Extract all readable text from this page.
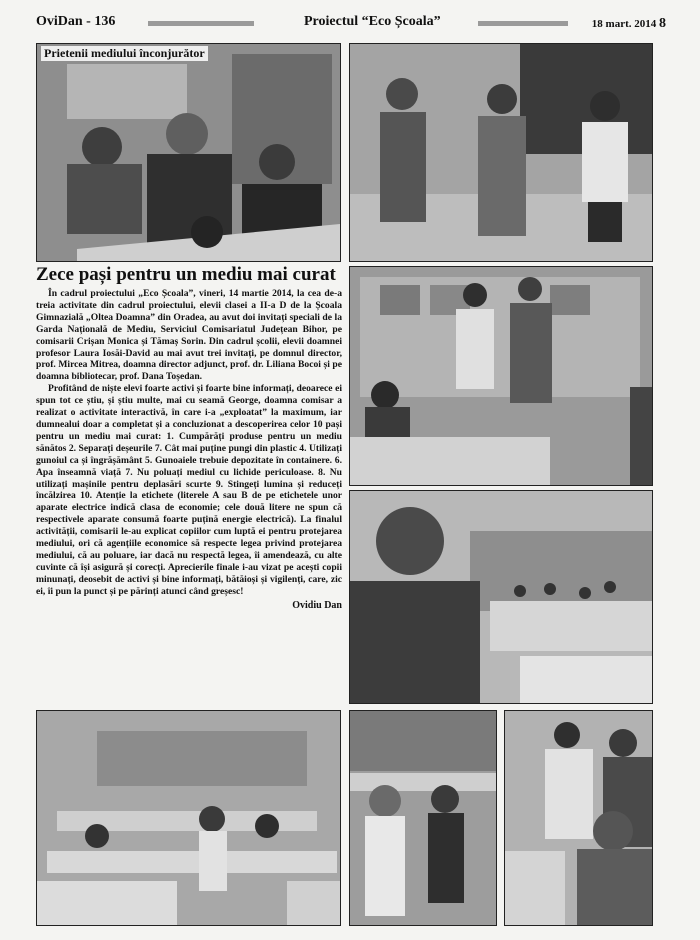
OviDan - 136	Proiectul “Eco Școala”	18 mart. 2014 8
Prietenii mediului înconjurător
Zece pași pentru un mediu mai curat

În cadrul proiectului „Eco Școala”, vineri, 14 martie 2014, la cea de-a treia activitate din cadrul proiectului, elevii clasei a II-a D de la Școala Gimnazială „Oltea Doamna” din Oradea, au avut doi invitați speciali de la Garda Națională de Mediu, Serviciul Comisariatul Județean Bihor, pe comisarii Crișan Monica și Tămaș Sorin. Din cadrul școlii, elevii doamnei profesor Laura Iosăi-David au mai avut trei invitați, pe domnul director, prof. Mircea Mitrea, doamna director adjunct, prof. dr. Liliana Bocoi și pe doamna bibliotecar, prof. Dana Toședan.

Profitând de niște elevi foarte activi și foarte bine informați, deoarece ei spun tot ce știu, și știu multe, mai cu seamă George, doamna comisar a realizat o activitate interactivă, în care i-a „exploatat” la maximum, iar dumnealui doar a completat și a concluzionat a descoperirea celor 10 pași pentru un mediu mai curat: 1. Cumpărăți produse pentru un mediu sănătos 2. Separați deșeurile 7. Cât mai puține pungi din plastic 4. Utilizați gunoiul ca și îngrășământ 5. Gunoaiele trebuie depozitate în containere. 6. Apa înseamnă viață 7. Nu poluați mediul cu lichide periculoase. 8. Nu utilizați mașinile pentru deplasări scurte 9. Stingeți lumina și reduceți încălzirea 10. Atenție la etichete (literele A sau B de pe etichetele unor aparate electrice indică clasa de economie; cele două litere ne spun că respectivele aparate consumă foarte puțină energie electrică). La finalul activității, comisarii le-au explicat copiilor cum luptă ei pentru protejarea mediului, ori că agențiile economice să respecte legea privind protejarea mediului, că au poluare, iar dacă nu respectă legea, îi amendează, cu alte cuvinte că își asigură și corecți. Aprecierile finale i-au vizat pe acești copii minunați, deosebit de activi și bine informați, bătăioși și vigilenți, care, zic ei, îi pun la punct și pe părinți atunci când greșesc!

Ovidiu Dan
